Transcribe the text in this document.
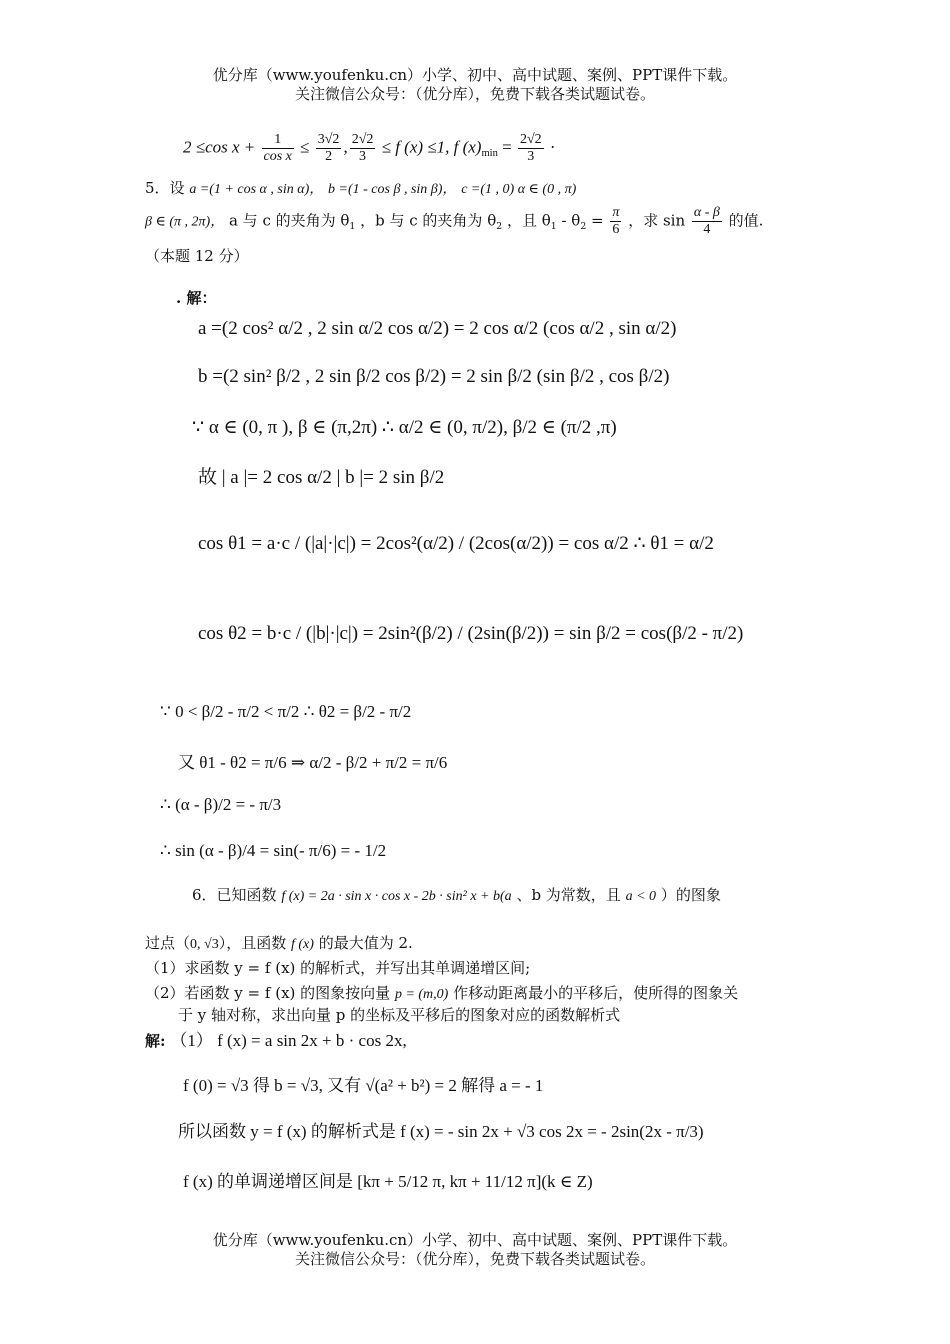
优分库（www.youfenku.cn）小学、初中、高中试题、案例、PPT课件下载。
关注微信公众号：（优分库），免费下载各类试题试卷。
2 ≤cos $x + \frac{1}{\text{cos x}} \le \frac{3√2}{2}$ , $\frac{2√2}{3} \le f$ (x) ≤1, f $(x)_{min} = \frac{2√2}{3}$ ·
5．设 a =(1 + cos α , sin α)， b =(1 - cos β , sin β)， c =(1 , 0) α ∈ (0 , π)
β ∈ (π , 2π)， a 与 c 的夹角为 $\theta_1$ ，b 与 c 的夹角为 $\theta_2$ ，且 $\theta_1 - \theta_2 = \frac{\pi}{6}$ ，求 $\sin \frac{\alpha - \beta}{4}$ 的值.
（本题 12 分）
. 解：
a =(2 cos² α/2 , 2 sin α/2 cos α/2) = 2 cos α/2 (cos α/2 , sin α/2)
b =(2 sin² β/2 , 2 sin β/2 cos β/2) = 2 sin β/2 (sin β/2 , cos β/2)
∵ α ∈ (0, π ), β ∈ (π,2π) ∴ α/2 ∈ (0, π/2), β/2 ∈ (π/2 ,π)
故 | a |= 2 cos α/2 | b |= 2 sin β/2
cos θ1 = a·c / (|a|·|c|) = 2cos²(α/2) / (2cos(α/2)) = cos α/2 ∴ θ1 = α/2
cos θ2 = b·c / (|b|·|c|) = 2sin²(β/2) / (2sin(β/2)) = sin β/2 = cos(β/2 - π/2)
∵ 0 < β/2 - π/2 < π/2 ∴ θ2 = β/2 - π/2
又 θ1 - θ2 = π/6 ⇒ α/2 - β/2 + π/2 = π/6
∴ (α - β)/2 = - π/3
∴ sin (α - β)/4 = sin(- π/6) = - 1/2
6．已知函数 f (x) = 2a · sin x · cos x - 2b · sin² x + b(a 、b 为常数，且 a < 0 ）的图象
过点（0, √3），且函数 f (x) 的最大值为 2.
（1）求函数 y = f (x) 的解析式，并写出其单调递增区间;
（2）若函数 y = f (x) 的图象按向量 p = (m,0) 作移动距离最小的平移后，使所得的图象关
于 y 轴对称，求出向量 p 的坐标及平移后的图象对应的函数解析式
解: （1） f (x) = a sin 2x + b · cos 2x,
f (0) = √3 得 b = √3, 又有 √(a² + b²) = 2 解得 a = - 1
所以函数 y = f (x) 的解析式是 f (x) = - sin 2x + √3 cos 2x = - 2sin(2x - π/3)
f (x) 的单调递增区间是 [kπ + 5/12 π, kπ + 11/12 π](k ∈ Z)
优分库（www.youfenku.cn）小学、初中、高中试题、案例、PPT课件下载。
关注微信公众号：（优分库），免费下载各类试题试卷。
